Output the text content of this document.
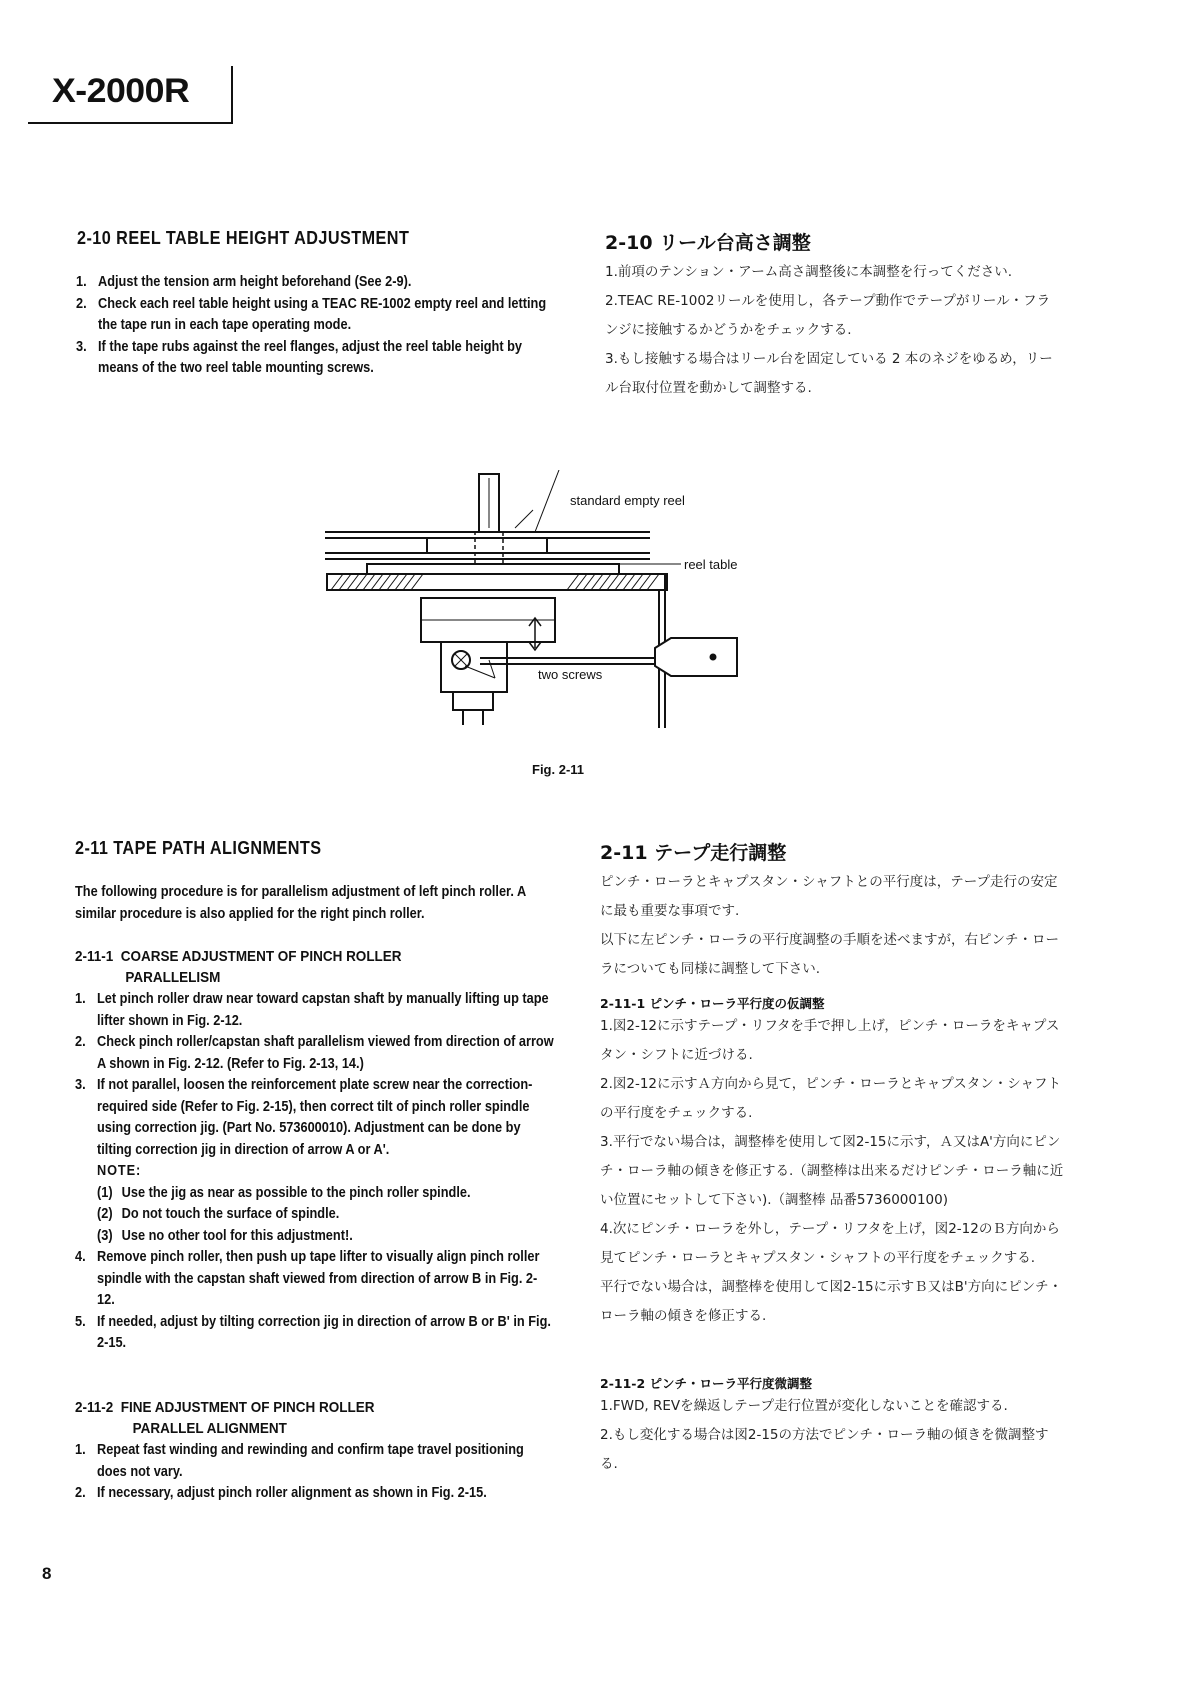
X-2000R
2-10 REEL TABLE HEIGHT ADJUSTMENT
1. Adjust the tension arm height beforehand (See 2-9).
2. Check each reel table height using a TEAC RE-1002 empty reel and letting the tape run in each tape operating mode.
3. If the tape rubs against the reel flanges, adjust the reel table height by means of the two reel table mounting screws.
2-10 リール台高さ調整
1.前項のテンション・アーム高さ調整後に本調整を行ってください.
2.TEAC RE-1002リールを使用し，各テープ動作でテープがリール・フランジに接触するかどうかをチェックする.
3.もし接触する場合はリール台を固定している 2 本のネジをゆるめ，リール台取付位置を動かして調整する.
standard empty reel
reel table
two screws
Fig. 2-11
2-11 TAPE PATH ALIGNMENTS
The following procedure is for parallelism adjustment of left pinch roller. A similar procedure is also applied for the right pinch roller.
2-11-1 COARSE ADJUSTMENT OF PINCH ROLLER
PARALLELISM
1. Let pinch roller draw near toward capstan shaft by manually lifting up tape lifter shown in Fig. 2-12.
2. Check pinch roller/capstan shaft parallelism viewed from direction of arrow A shown in Fig. 2-12. (Refer to Fig. 2-13, 14.)
3. If not parallel, loosen the reinforcement plate screw near the correction-required side (Refer to Fig. 2-15), then correct tilt of pinch roller spindle using correction jig. (Part No. 573600010). Adjustment can be done by tilting correction jig in direction of arrow A or A'.
NOTE:
(1) Use the jig as near as possible to the pinch roller spindle.
(2) Do not touch the surface of spindle.
(3) Use no other tool for this adjustment!.
4. Remove pinch roller, then push up tape lifter to visually align pinch roller spindle with the capstan shaft viewed from direction of arrow B in Fig. 2-12.
5. If needed, adjust by tilting correction jig in direction of arrow B or B' in Fig. 2-15.
2-11-2 FINE ADJUSTMENT OF PINCH ROLLER
PARALLEL ALIGNMENT
1. Repeat fast winding and rewinding and confirm tape travel positioning does not vary.
2. If necessary, adjust pinch roller alignment as shown in Fig. 2-15.
2-11 テープ走行調整
ピンチ・ローラとキャプスタン・シャフトとの平行度は，テープ走行の安定に最も重要な事項です.
以下に左ピンチ・ローラの平行度調整の手順を述べますが，右ピンチ・ローラについても同様に調整して下さい.
2-11-1 ピンチ・ローラ平行度の仮調整
1.図2-12に示すテープ・リフタを手で押し上げ，ピンチ・ローラをキャプスタン・シフトに近づける.
2.図2-12に示すＡ方向から見て，ピンチ・ローラとキャプスタン・シャフトの平行度をチェックする.
3.平行でない場合は，調整棒を使用して図2-15に示す，Ａ又はA'方向にピンチ・ローラ軸の傾きを修正する.（調整棒は出来るだけピンチ・ローラ軸に近い位置にセットして下さい).（調整棒 品番5736000100)
4.次にピンチ・ローラを外し，テープ・リフタを上げ，図2-12のＢ方向から見てピンチ・ローラとキャプスタン・シャフトの平行度をチェックする.
平行でない場合は，調整棒を使用して図2-15に示すＢ又はB'方向にピンチ・ローラ軸の傾きを修正する.
2-11-2 ピンチ・ローラ平行度微調整
1.FWD, REVを繰返しテープ走行位置が変化しないことを確認する.
2.もし変化する場合は図2-15の方法でピンチ・ローラ軸の傾きを微調整する.
8
